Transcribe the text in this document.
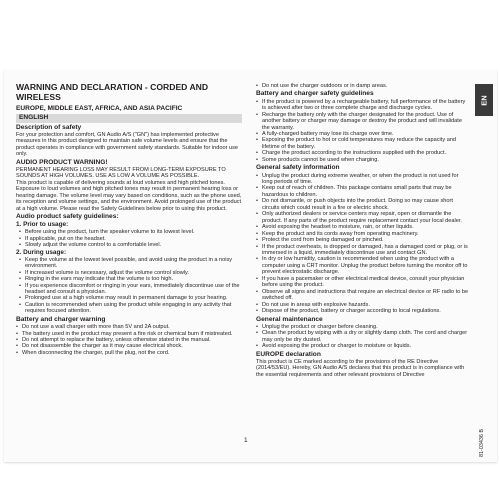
WARNING AND DECLARATION - CORDED AND WIRELESS
EUROPE, MIDDLE EAST, AFRICA, AND ASIA PACIFIC
ENGLISH
Description of safety

For your protection and comfort, GN Audio A/S ("GN") has implemented protective measures in this product designed to maintain safe volume levels and ensure that the product operates in compliance with government safety standards. Suitable for indoor use only.

AUDIO PRODUCT WARNING!

PERMANENT HEARING LOSS MAY RESULT FROM LONG-TERM EXPOSURE TO SOUNDS AT HIGH VOLUMES. USE AS LOW A VOLUME AS POSSIBLE.

This product is capable of delivering sounds at loud volumes and high pitched tones. Exposure to loud volumes and high pitched tones may result in permanent hearing loss or hearing damage. The volume level may vary based on conditions, such as the phone used, its reception and volume settings, and the environment. Avoid prolonged use of the product at a high volume. Please read the Safety Guidelines below prior to using this product.

Audio product safety guidelines:
1. Prior to usage:
• Before using the product, turn the speaker volume to its lowest level.
• If applicable, put on the headset.
• Slowly adjust the volume control to a comfortable level.
2. During usage:
• Keep the volume at the lowest level possible, and avoid using the product in a noisy environment.
• If increased volume is necessary, adjust the volume control slowly.
• Ringing in the ears may indicate that the volume is too high.
• If you experience discomfort or ringing in your ears, immediately discontinue use of the headset and consult a physician.
• Prolonged use at a high volume may result in permanent damage to your hearing.
• Caution is recommended when using the product while engaging in any activity that requires focused attention.
Battery and charger warning
• Do not use a wall charger with more than 5V and 2A output.
• The battery used in the product may present a fire risk or chemical burn if mistreated.
• Do not attempt to replace the battery, unless otherwise stated in the manual.
• Do not disassemble the charger as it may cause electrical shock.
• When disconnecting the charger, pull the plug, not the cord.
• Do not use the charger outdoors or in damp areas.
Battery and charger safety guidelines
• If the product is powered by a rechargeable battery, full performance of the battery is achieved after two or three complete charge and discharge cycles.
• Recharge the battery only with the charger designated for the product. Use of another battery or charger may damage or destroy the product and will invalidate the warranty.
• A fully-charged battery may lose its charge over time.
• Exposing the product to hot or cold temperatures may reduce the capacity and lifetime of the battery.
• Charge the product according to the instructions supplied with the product.
• Some products cannot be used when charging.
General safety information
• Unplug the product during extreme weather, or when the product is not used for long periods of time.
• Keep out of reach of children. This package contains small parts that may be hazardous to children.
• Do not dismantle, or push objects into the product. Doing so may cause short circuits which could result in a fire or electric shock.
• Only authorized dealers or service centers may repair, open or dismantle the product. If any parts of the product require replacement contact your local dealer.
• Avoid exposing the headset to moisture, rain, or other liquids.
• Keep the product and its cords away from operating machinery.
• Protect the cord from being damaged or pinched.
• If the product overheats, is dropped or damaged, has a damaged cord or plug, or is immersed in a liquid, immediately discontinue use and contact GN.
• In dry or low humidity, caution is recommended when using the product with a computer using a CRT monitor. Unplug the product before turning the monitor off to prevent electrostatic discharge.
• If you have a pacemaker or other electrical medical device, consult your physician before using the product.
• Observe all signs and instructions that require an electrical device or RF radio to be switched off.
• Do not use in areas with explosive hazards.
• Dispose of the product, battery or charger according to local regulations.
General maintenance
• Unplug the product or charger before cleaning.
• Clean the product by wiping with a dry or slightly damp cloth. The cord and charger may only be dry dusted.
• Avoid exposing the product or charger to moisture or liquids.
EUROPE declaration

This product is CE marked according to the provisions of the RE Directive (2014/53/EU). Hereby, GN Audio A/S declares that this product is in compliance with the essential requirements and other relevant provisions of Directive

EN
1	81-03436 B
